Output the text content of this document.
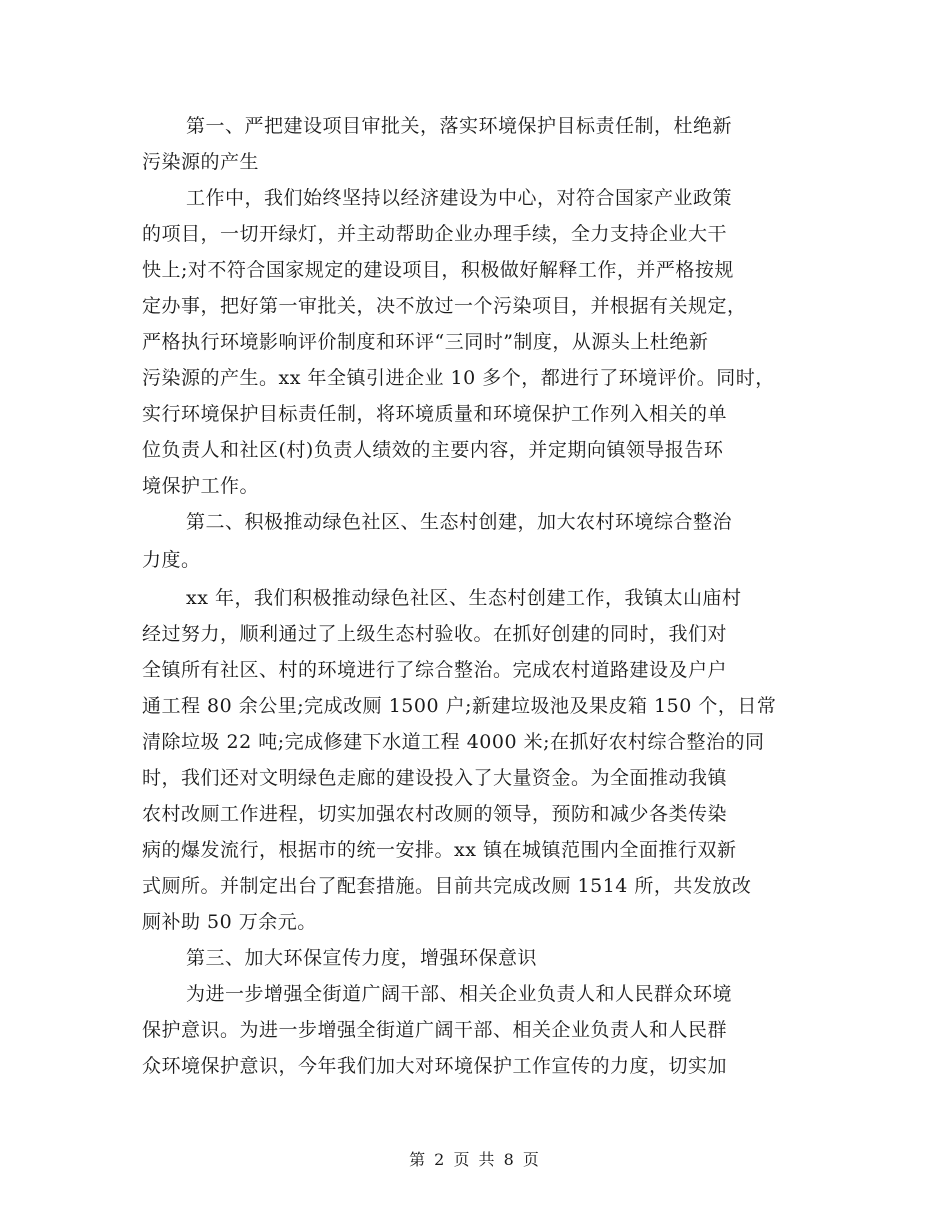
第一、严把建设项目审批关，落实环境保护目标责任制，杜绝新

污染源的产生

工作中，我们始终坚持以经济建设为中心，对符合国家产业政策

的项目，一切开绿灯，并主动帮助企业办理手续，全力支持企业大干

快上;对不符合国家规定的建设项目，积极做好解释工作，并严格按规

定办事，把好第一审批关，决不放过一个污染项目，并根据有关规定，

严格执行环境影响评价制度和环评“三同时”制度，从源头上杜绝新

污染源的产生。xx 年全镇引进企业 10 多个，都进行了环境评价。同时，

实行环境保护目标责任制，将环境质量和环境保护工作列入相关的单

位负责人和社区(村)负责人绩效的主要内容，并定期向镇领导报告环

境保护工作。

第二、积极推动绿色社区、生态村创建，加大农村环境综合整治

力度。

xx 年，我们积极推动绿色社区、生态村创建工作，我镇太山庙村

经过努力，顺利通过了上级生态村验收。在抓好创建的同时，我们对

全镇所有社区、村的环境进行了综合整治。完成农村道路建设及户户

通工程 80 余公里;完成改厕 1500 户;新建垃圾池及果皮箱 150 个，日常

清除垃圾 22 吨;完成修建下水道工程 4000 米;在抓好农村综合整治的同

时，我们还对文明绿色走廊的建设投入了大量资金。为全面推动我镇

农村改厕工作进程，切实加强农村改厕的领导，预防和减少各类传染

病的爆发流行，根据市的统一安排。xx 镇在城镇范围内全面推行双新

式厕所。并制定出台了配套措施。目前共完成改厕 1514 所，共发放改

厕补助 50 万余元。

第三、加大环保宣传力度，增强环保意识

为进一步增强全街道广阔干部、相关企业负责人和人民群众环境

保护意识。为进一步增强全街道广阔干部、相关企业负责人和人民群

众环境保护意识，今年我们加大对环境保护工作宣传的力度，切实加

第 2 页 共 8 页
